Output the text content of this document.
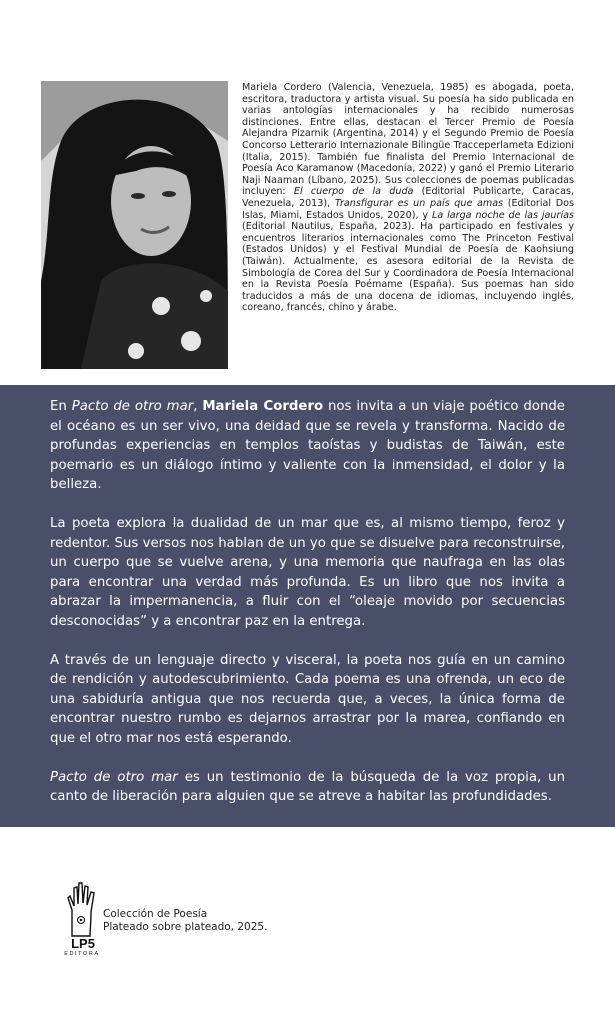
Mariela Cordero (Valencia, Venezuela, 1985) es abogada, poeta, escritora, traductora y artista visual. Su poesía ha sido publicada en varias antologías internacionales y ha recibido numerosas distinciones. Entre ellas, destacan el Tercer Premio de Poesía Alejandra Pizarnik (Argentina, 2014) y el Segundo Premio de Poesía Concorso Letterario Internazionale Bilingüe Tracceperlameta Edizioni (Italia, 2015). También fue finalista del Premio Internacional de Poesía Aco Karamanow (Macedonia, 2022) y ganó el Premio Literario Naji Naaman (Líbano, 2025). Sus colecciones de poemas publicadas incluyen: El cuerpo de la duda (Editorial Publicarte, Caracas, Venezuela, 2013), Transfigurar es un país que amas (Editorial Dos Islas, Miami, Estados Unidos, 2020), y La larga noche de las jaurías (Editorial Nautilus, España, 2023). Ha participado en festivales y encuentros literarios internacionales como The Princeton Festival (Estados Unidos) y el Festival Mundial de Poesía de Kaohsiung (Taiwán). Actualmente, es asesora editorial de la Revista de Simbología de Corea del Sur y Coordinadora de Poesía Internacional en la Revista Poesía Poémame (España). Sus poemas han sido traducidos a más de una docena de idiomas, incluyendo inglés, coreano, francés, chino y árabe.

En Pacto de otro mar, Mariela Cordero nos invita a un viaje poético donde el océano es un ser vivo, una deidad que se revela y transforma. Nacido de profundas experiencias en templos taoístas y budistas de Taiwán, este poemario es un diálogo íntimo y valiente con la inmensidad, el dolor y la belleza.

La poeta explora la dualidad de un mar que es, al mismo tiempo, feroz y redentor. Sus versos nos hablan de un yo que se disuelve para reconstruirse, un cuerpo que se vuelve arena, y una memoria que naufraga en las olas para encontrar una verdad más profunda. Es un libro que nos invita a abrazar la impermanencia, a fluir con el “oleaje movido por secuencias desconocidas” y a encontrar paz en la entrega.

A través de un lenguaje directo y visceral, la poeta nos guía en un camino de rendición y autodescubrimiento. Cada poema es una ofrenda, un eco de una sabiduría antigua que nos recuerda que, a veces, la única forma de encontrar nuestro rumbo es dejarnos arrastrar por la marea, confiando en que el otro mar nos está esperando.

Pacto de otro mar es un testimonio de la búsqueda de la voz propia, un canto de liberación para alguien que se atreve a habitar las profundidades.

Gladys Mendía

LP5
EDITORA
Colección de Poesía
Plateado sobre plateado, 2025.
